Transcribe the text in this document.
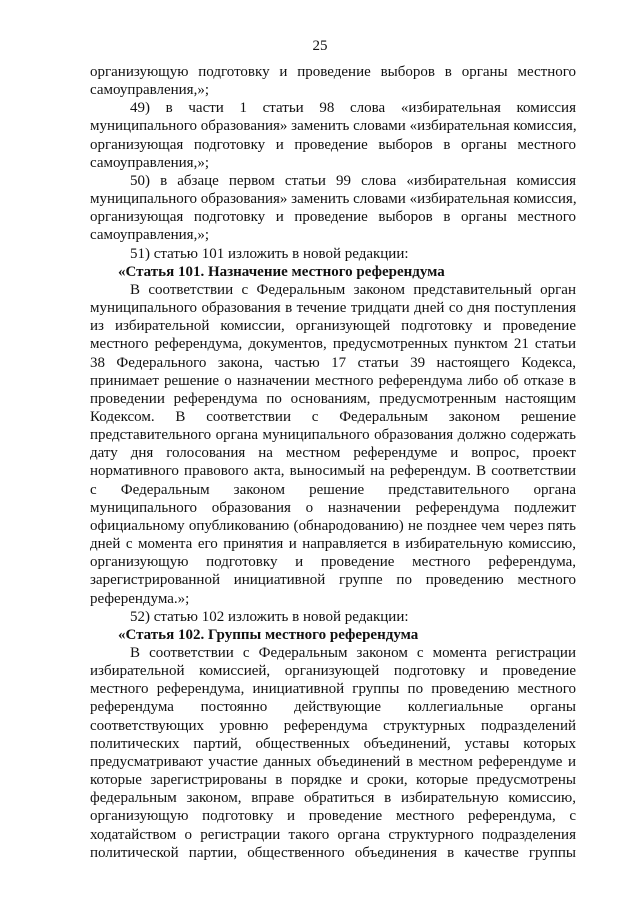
25
организующую подготовку и проведение выборов в органы местного
самоуправления,»;
49) в части 1 статьи 98 слова «избирательная комиссия
муниципального образования» заменить словами «избирательная комиссия,
организующая подготовку и проведение выборов в органы местного
самоуправления,»;
50) в абзаце первом статьи 99 слова «избирательная комиссия
муниципального образования» заменить словами «избирательная комиссия,
организующая подготовку и проведение выборов в органы местного
самоуправления,»;
51) статью 101 изложить в новой редакции:
«Статья 101. Назначение местного референдума
В соответствии с Федеральным законом представительный орган
муниципального образования в течение тридцати дней со дня поступления
из избирательной комиссии, организующей подготовку и проведение
местного референдума, документов, предусмотренных пунктом 21 статьи
38 Федерального закона, частью 17 статьи 39 настоящего Кодекса,
принимает решение о назначении местного референдума либо об отказе в
проведении референдума по основаниям, предусмотренным настоящим
Кодексом. В соответствии с Федеральным законом решение
представительного органа муниципального образования должно содержать
дату дня голосования на местном референдуме и вопрос, проект
нормативного правового акта, выносимый на референдум. В соответствии
с Федеральным законом решение представительного органа
муниципального образования о назначении референдума подлежит
официальному опубликованию (обнародованию) не позднее чем через пять
дней с момента его принятия и направляется в избирательную комиссию,
организующую подготовку и проведение местного референдума,
зарегистрированной инициативной группе по проведению местного
референдума.»;
52) статью 102 изложить в новой редакции:
«Статья 102. Группы местного референдума
В соответствии с Федеральным законом с момента регистрации
избирательной комиссией, организующей подготовку и проведение
местного референдума, инициативной группы по проведению местного
референдума постоянно действующие коллегиальные органы
соответствующих уровню референдума структурных подразделений
политических партий, общественных объединений, уставы которых
предусматривают участие данных объединений в местном референдуме и
которые зарегистрированы в порядке и сроки, которые предусмотрены
федеральным законом, вправе обратиться в избирательную комиссию,
организующую подготовку и проведение местного референдума, с
ходатайством о регистрации такого органа структурного подразделения
политической партии, общественного объединения в качестве группы
